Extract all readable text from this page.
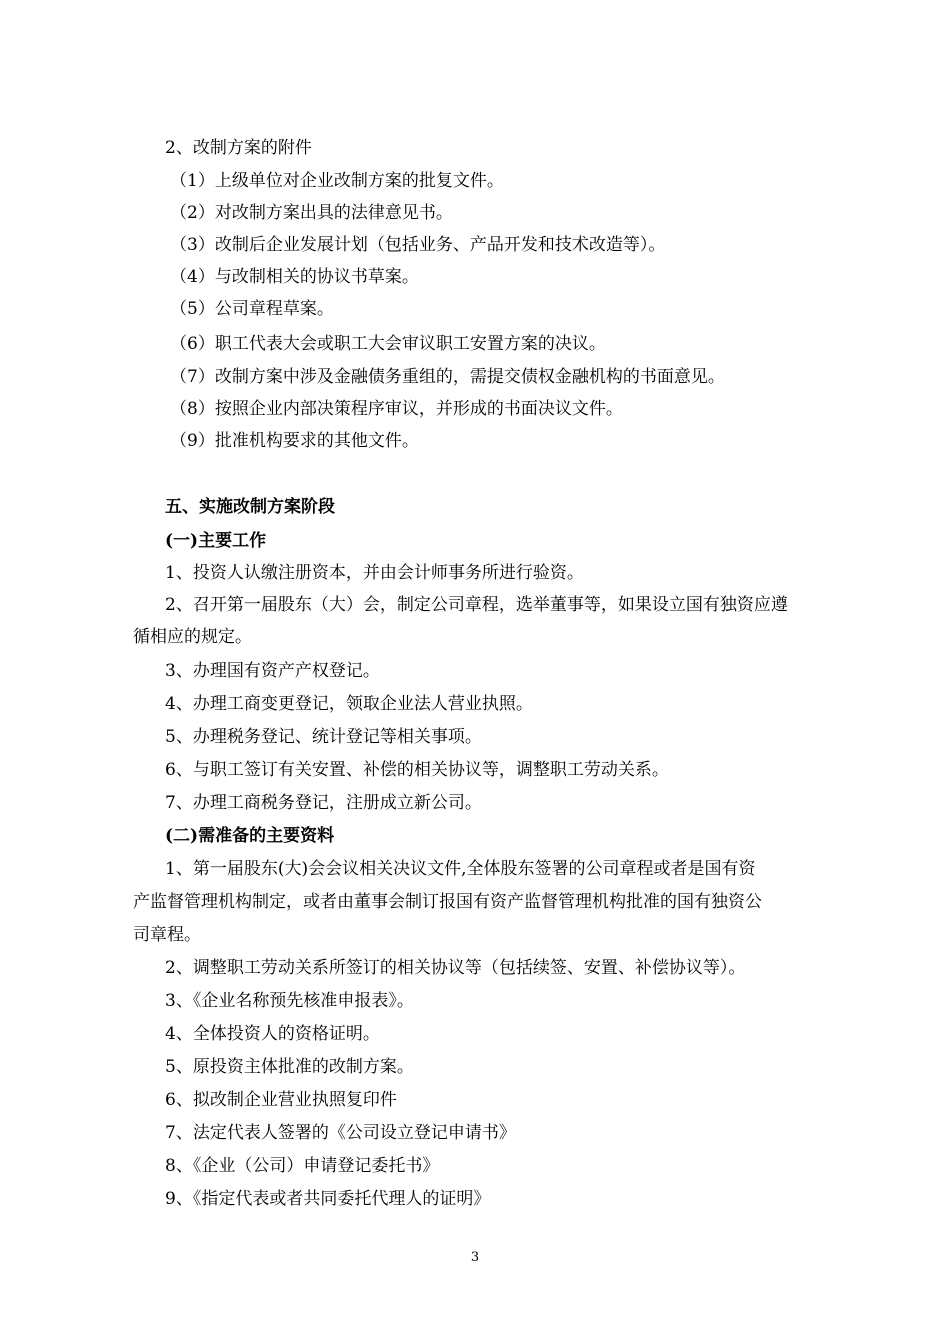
2、改制方案的附件
（1）上级单位对企业改制方案的批复文件。
（2）对改制方案出具的法律意见书。
（3）改制后企业发展计划（包括业务、产品开发和技术改造等）。
（4）与改制相关的协议书草案。
（5）公司章程草案。
（6）职工代表大会或职工大会审议职工安置方案的决议。
（7）改制方案中涉及金融债务重组的，需提交债权金融机构的书面意见。
（8）按照企业内部决策程序审议，并形成的书面决议文件。
（9）批准机构要求的其他文件。
五、实施改制方案阶段
(一)主要工作
1、投资人认缴注册资本，并由会计师事务所进行验资。
2、召开第一届股东（大）会，制定公司章程，选举董事等，如果设立国有独资应遵
循相应的规定。
3、办理国有资产产权登记。
4、办理工商变更登记，领取企业法人营业执照。
5、办理税务登记、统计登记等相关事项。
6、与职工签订有关安置、补偿的相关协议等，调整职工劳动关系。
7、办理工商税务登记，注册成立新公司。
(二)需准备的主要资料
1、第一届股东(大)会会议相关决议文件,全体股东签署的公司章程或者是国有资
产监督管理机构制定，或者由董事会制订报国有资产监督管理机构批准的国有独资公
司章程。
2、调整职工劳动关系所签订的相关协议等（包括续签、安置、补偿协议等）。
3、《企业名称预先核准申报表》。
4、全体投资人的资格证明。
5、原投资主体批准的改制方案。
6、拟改制企业营业执照复印件
7、法定代表人签署的《公司设立登记申请书》
8、《企业（公司）申请登记委托书》
9、《指定代表或者共同委托代理人的证明》
3
